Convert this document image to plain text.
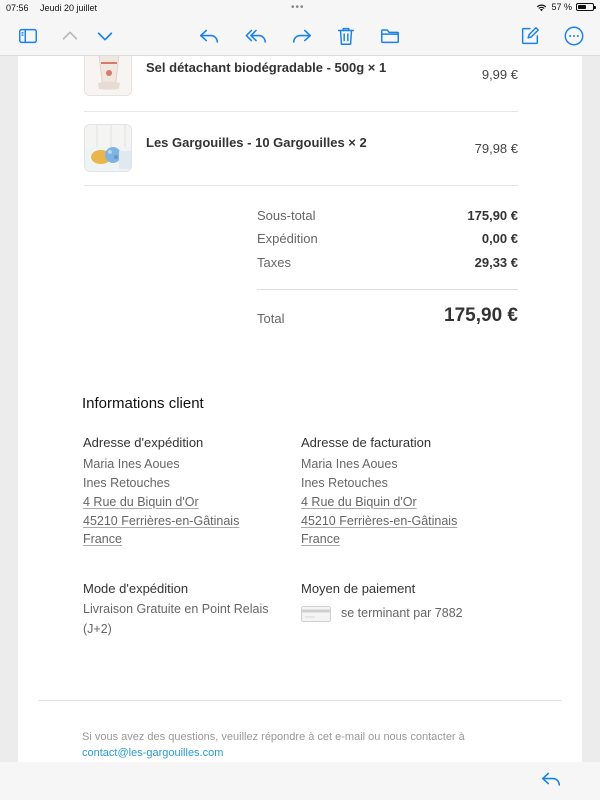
07:56 Jeudi 20 juillet	•••	57 %
Sel détachant biodégradable - 500g × 1	9,99 €
Les Gargouilles - 10 Gargouilles × 2	79,98 €
Sous-total	175,90 €
Expédition	0,00 €
Taxes	29,33 €
Total	175,90 €
Informations client
Adresse d'expédition
Maria Ines Aoues
Ines Retouches
4 Rue du Biquin d'Or
45210 Ferrières-en-Gâtinais
France
Adresse de facturation
Maria Ines Aoues
Ines Retouches
4 Rue du Biquin d'Or
45210 Ferrières-en-Gâtinais
France
Mode d'expédition
Livraison Gratuite en Point Relais
(J+2)
Moyen de paiement
se terminant par 7882
Si vous avez des questions, veuillez répondre à cet e-mail ou nous contacter à
contact@les-gargouilles.com
